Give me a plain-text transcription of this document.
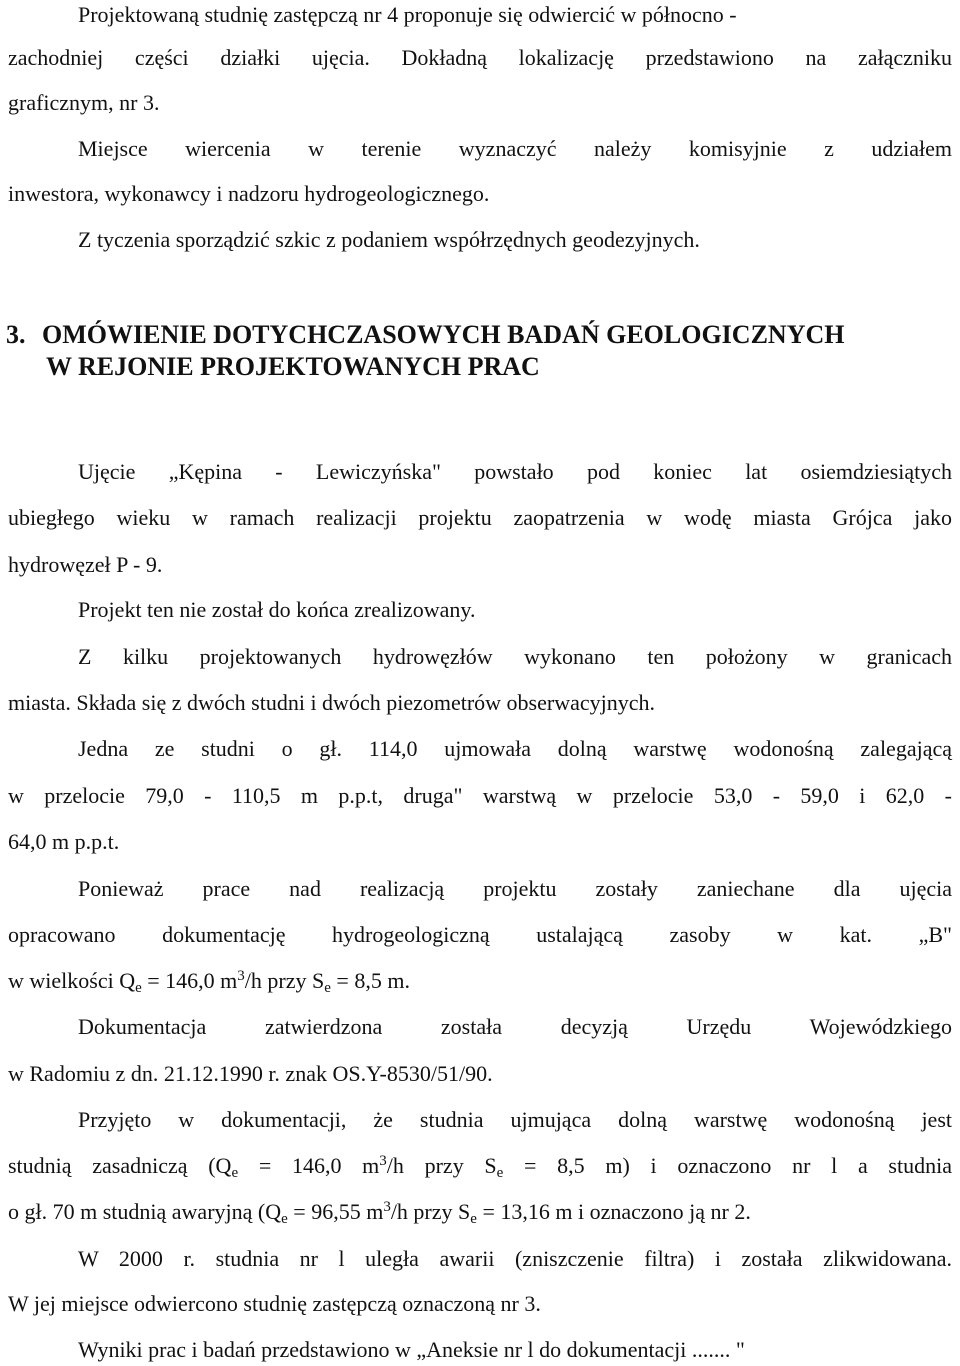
Projektowaną studnię zastępczą nr 4 proponuje się odwiercić w północno -

zachodniej części działki ujęcia. Dokładną lokalizację przedstawiono na załączniku

graficznym, nr 3.

Miejsce wiercenia w terenie wyznaczyć należy komisyjnie z udziałem

inwestora, wykonawcy i nadzoru hydrogeologicznego.

Z tyczenia sporządzić szkic z podaniem współrzędnych geodezyjnych.

3. OMÓWIENIE DOTYCHCZASOWYCH BADAŃ GEOLOGICZNYCH
W REJONIE PROJEKTOWANYCH PRAC

Ujęcie „Kępina - Lewiczyńska" powstało pod koniec lat osiemdziesiątych

ubiegłego wieku w ramach realizacji projektu zaopatrzenia w wodę miasta Grójca jako

hydrowęzeł P - 9.

Projekt ten nie został do końca zrealizowany.

Z kilku projektowanych hydrowęzłów wykonano ten położony w granicach

miasta. Składa się z dwóch studni i dwóch piezometrów obserwacyjnych.

Jedna ze studni o gł. 114,0 ujmowała dolną warstwę wodonośną zalegającą

w przelocie 79,0 - 110,5 m p.p.t, druga" warstwą w przelocie 53,0 - 59,0 i 62,0 -

64,0 m p.p.t.

Ponieważ prace nad realizacją projektu zostały zaniechane dla ujęcia

opracowano dokumentację hydrogeologiczną ustalającą zasoby w kat. „B"

w wielkości $Q_e = 146,0$ $m^3/h$ przy $S_e = 8,5$ m.

Dokumentacja zatwierdzona została decyzją Urzędu Wojewódzkiego

w Radomiu z dn. 21.12.1990 r. znak OS.Y-8530/51/90.

Przyjęto w dokumentacji, że studnia ujmująca dolną warstwę wodonośną jest

studnią zasadniczą ($Q_e = 146,0$ $m^3/h$ przy $S_e = 8,5$ m) i oznaczono nr l a studnia

o gł. 70 m studnią awaryjną ($Q_e = 96,55$ $m^3/h$ przy $S_e = 13,16$ m i oznaczono ją nr 2.

W 2000 r. studnia nr l uległa awarii (zniszczenie filtra) i została zlikwidowana.

W jej miejsce odwiercono studnię zastępczą oznaczoną nr 3.

Wyniki prac i badań przedstawiono w „Aneksie nr l do dokumentacji ....... "
